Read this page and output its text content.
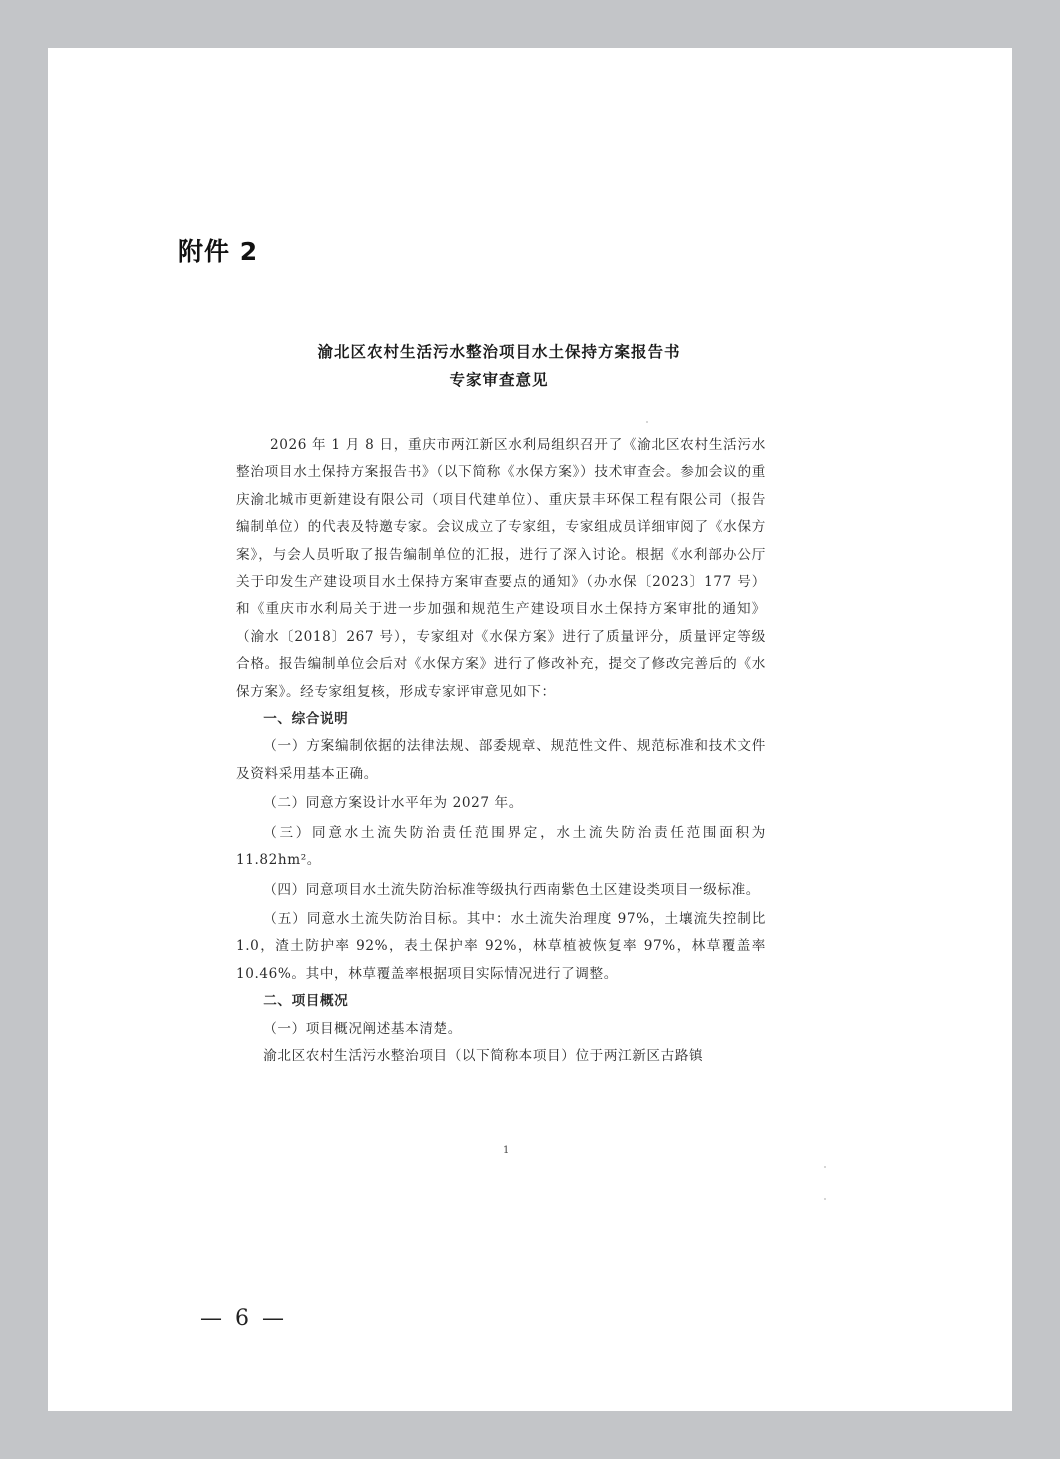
附件 2
渝北区农村生活污水整治项目水土保持方案报告书
专家审查意见

2026 年 1 月 8 日，重庆市两江新区水利局组织召开了《渝北区农村生活污水整治项目水土保持方案报告书》（以下简称《水保方案》）技术审查会。参加会议的重庆渝北城市更新建设有限公司（项目代建单位）、重庆景丰环保工程有限公司（报告编制单位）的代表及特邀专家。会议成立了专家组，专家组成员详细审阅了《水保方案》，与会人员听取了报告编制单位的汇报，进行了深入讨论。根据《水利部办公厅关于印发生产建设项目水土保持方案审查要点的通知》（办水保〔2023〕177 号）和《重庆市水利局关于进一步加强和规范生产建设项目水土保持方案审批的通知》（渝水〔2018〕267 号），专家组对《水保方案》进行了质量评分，质量评定等级合格。报告编制单位会后对《水保方案》进行了修改补充，提交了修改完善后的《水保方案》。经专家组复核，形成专家评审意见如下：

一、综合说明

（一）方案编制依据的法律法规、部委规章、规范性文件、规范标准和技术文件及资料采用基本正确。

（二）同意方案设计水平年为 2027 年。

（三）同意水土流失防治责任范围界定，水土流失防治责任范围面积为 11.82hm²。

（四）同意项目水土流失防治标准等级执行西南紫色土区建设类项目一级标准。

（五）同意水土流失防治目标。其中：水土流失治理度 97%，土壤流失控制比 1.0，渣土防护率 92%，表土保护率 92%，林草植被恢复率 97%，林草覆盖率 10.46%。其中，林草覆盖率根据项目实际情况进行了调整。

二、项目概况

（一）项目概况阐述基本清楚。

渝北区农村生活污水整治项目（以下简称本项目）位于两江新区古路镇

1
— 6 —
